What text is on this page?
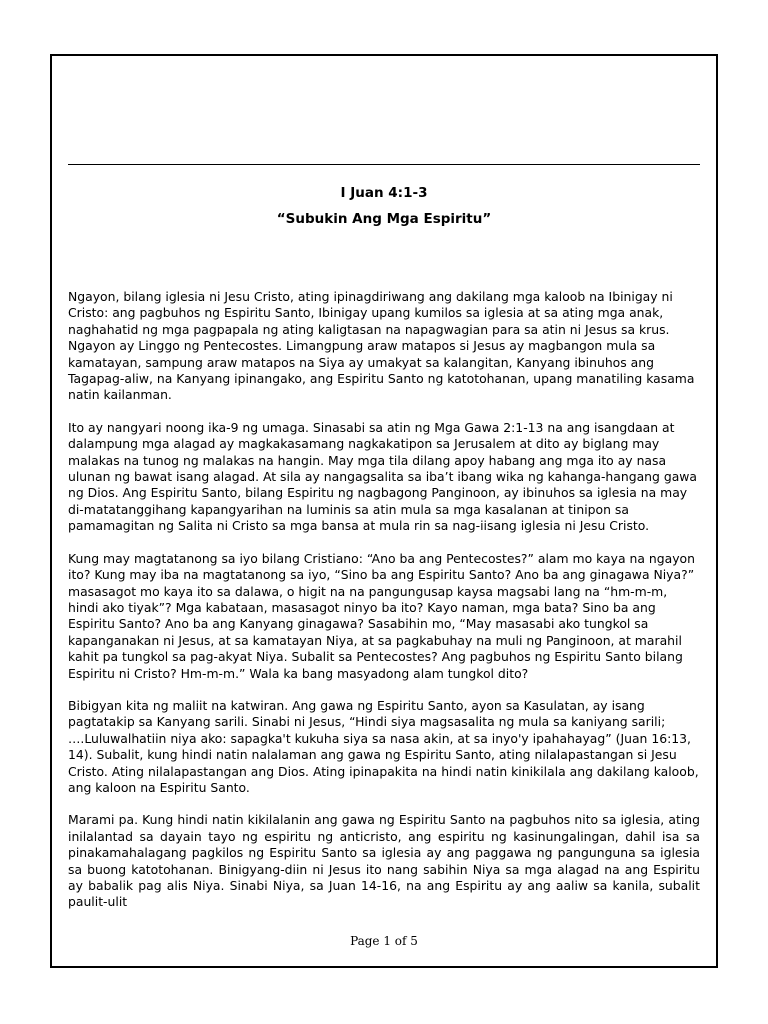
I Juan 4:1-3
“Subukin Ang Mga Espiritu”

Ngayon, bilang iglesia ni Jesu Cristo, ating ipinagdiriwang ang dakilang mga kaloob na Ibinigay ni Cristo: ang pagbuhos ng Espiritu Santo, Ibinigay upang kumilos sa iglesia at sa ating mga anak, naghahatid ng mga pagpapala ng ating kaligtasan na napagwagian para sa atin ni Jesus sa krus. Ngayon ay Linggo ng Pentecostes. Limangpung araw matapos si Jesus ay magbangon mula sa kamatayan, sampung araw matapos na Siya ay umakyat sa kalangitan, Kanyang ibinuhos ang Tagapag-aliw, na Kanyang ipinangako, ang Espiritu Santo ng katotohanan, upang manatiling kasama natin kailanman.

Ito ay nangyari noong ika-9 ng umaga. Sinasabi sa atin ng Mga Gawa 2:1-13 na ang isangdaan at dalampung mga alagad ay magkakasamang nagkakatipon sa Jerusalem at dito ay biglang may malakas na tunog ng malakas na hangin. May mga tila dilang apoy habang ang mga ito ay nasa ulunan ng bawat isang alagad. At sila ay nangagsalita sa iba’t ibang wika ng kahanga-hangang gawa ng Dios. Ang Espiritu Santo, bilang Espiritu ng nagbagong Panginoon, ay ibinuhos sa iglesia na may di-matatanggihang kapangyarihan na luminis sa atin mula sa mga kasalanan at tinipon sa pamamagitan ng Salita ni Cristo sa mga bansa at mula rin sa nag-iisang iglesia ni Jesu Cristo.

Kung may magtatanong sa iyo bilang Cristiano: “Ano ba ang Pentecostes?” alam mo kaya na ngayon ito? Kung may iba na magtatanong sa iyo, “Sino ba ang Espiritu Santo? Ano ba ang ginagawa Niya?” masasagot mo kaya ito sa dalawa, o higit na na pangungusap kaysa magsabi lang na “hm-m-m, hindi ako tiyak”? Mga kabataan, masasagot ninyo ba ito? Kayo naman, mga bata? Sino ba ang Espiritu Santo? Ano ba ang Kanyang ginagawa? Sasabihin mo, “May masasabi ako tungkol sa kapanganakan ni Jesus, at sa kamatayan Niya, at sa pagkabuhay na muli ng Panginoon, at marahil kahit pa tungkol sa pag-akyat Niya. Subalit sa Pentecostes? Ang pagbuhos ng Espiritu Santo bilang Espiritu ni Cristo? Hm-m-m.” Wala ka bang masyadong alam tungkol dito?

Bibigyan kita ng maliit na katwiran. Ang gawa ng Espiritu Santo, ayon sa Kasulatan, ay isang pagtatakip sa Kanyang sarili. Sinabi ni Jesus, “Hindi siya magsasalita ng mula sa kaniyang sarili; ….Luluwalhatiin niya ako: sapagka't kukuha siya sa nasa akin, at sa inyo'y ipahahayag” (Juan 16:13, 14). Subalit, kung hindi natin nalalaman ang gawa ng Espiritu Santo, ating nilalapastangan si Jesu Cristo. Ating nilalapastangan ang Dios. Ating ipinapakita na hindi natin kinikilala ang dakilang kaloob, ang kaloon na Espiritu Santo.

Marami pa. Kung hindi natin kikilalanin ang gawa ng Espiritu Santo na pagbuhos nito sa iglesia, ating inilalantad sa dayain tayo ng espiritu ng anticristo, ang espiritu ng kasinungalingan, dahil isa sa pinakamahalagang pagkilos ng Espiritu Santo sa iglesia ay ang paggawa ng pangunguna sa iglesia sa buong katotohanan. Binigyang-diin ni Jesus ito nang sabihin Niya sa mga alagad na ang Espiritu ay babalik pag alis Niya. Sinabi Niya, sa Juan 14-16, na ang Espiritu ay ang aaliw sa kanila, subalit paulit-ulit

Page 1 of 5
